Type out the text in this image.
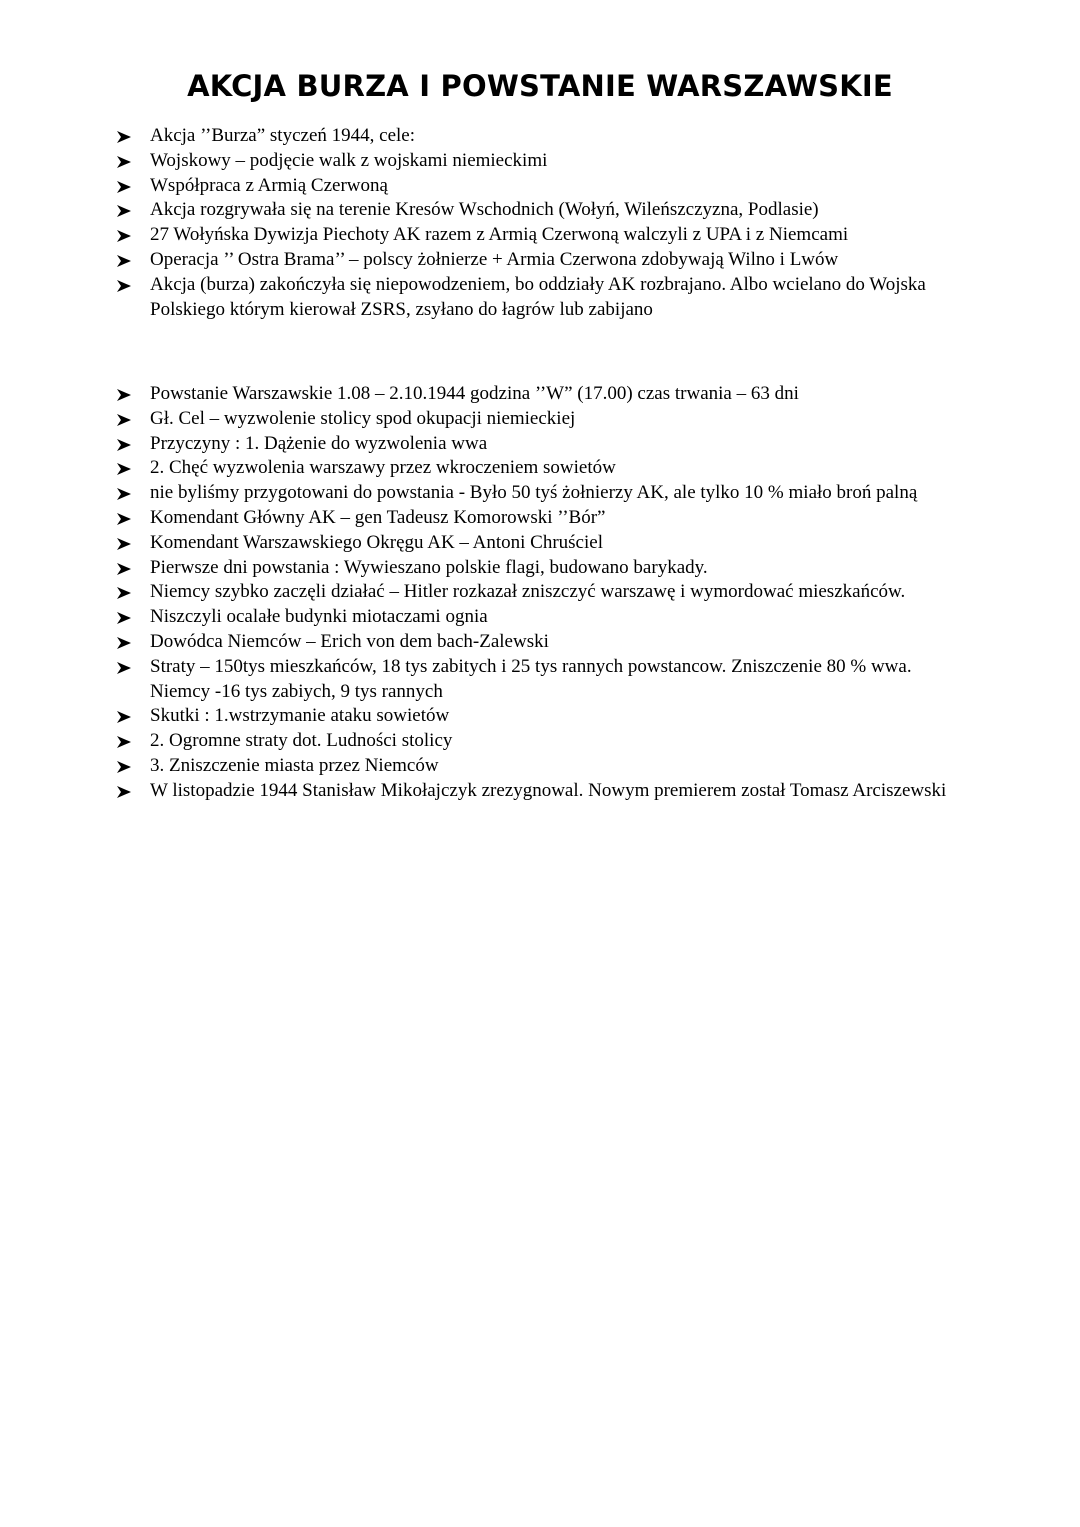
AKCJA BURZA I POWSTANIE WARSZAWSKIE
Akcja ’’Burza” styczeń 1944, cele:
Wojskowy – podjęcie walk z wojskami niemieckimi
Współpraca z Armią Czerwoną
Akcja rozgrywała się na terenie Kresów Wschodnich (Wołyń, Wileńszczyzna, Podlasie)
27 Wołyńska Dywizja Piechoty AK razem z Armią Czerwoną walczyli z UPA i z Niemcami
Operacja ’’ Ostra Brama’’ – polscy żołnierze + Armia Czerwona zdobywają Wilno i Lwów
Akcja (burza) zakończyła się niepowodzeniem, bo oddziały AK rozbrajano. Albo wcielano do Wojska
Polskiego którym kierował ZSRS, zsyłano do łagrów lub zabijano
Powstanie Warszawskie 1.08 – 2.10.1944 godzina ’’W” (17.00) czas trwania – 63 dni
Gł. Cel – wyzwolenie stolicy spod okupacji niemieckiej
Przyczyny : 1. Dążenie do wyzwolenia wwa
2. Chęć wyzwolenia warszawy przez wkroczeniem sowietów
nie byliśmy przygotowani do powstania - Było 50 tyś żołnierzy AK, ale tylko 10 % miało broń palną
Komendant Główny AK – gen Tadeusz Komorowski ’’Bór”
Komendant Warszawskiego Okręgu AK – Antoni Chruściel
Pierwsze dni powstania : Wywieszano polskie flagi, budowano barykady.
Niemcy szybko zaczęli działać – Hitler rozkazał zniszczyć warszawę i wymordować mieszkańców.
Niszczyli ocalałe budynki miotaczami ognia
Dowódca Niemców – Erich von dem bach-Zalewski
Straty – 150tys mieszkańców, 18 tys zabitych i 25 tys rannych powstancow. Zniszczenie 80 % wwa.
Niemcy -16 tys zabiych, 9 tys rannych
Skutki : 1.wstrzymanie ataku sowietów
2. Ogromne straty dot. Ludności stolicy
3. Zniszczenie miasta przez Niemców
W listopadzie 1944 Stanisław Mikołajczyk zrezygnowal. Nowym premierem został Tomasz Arciszewski
